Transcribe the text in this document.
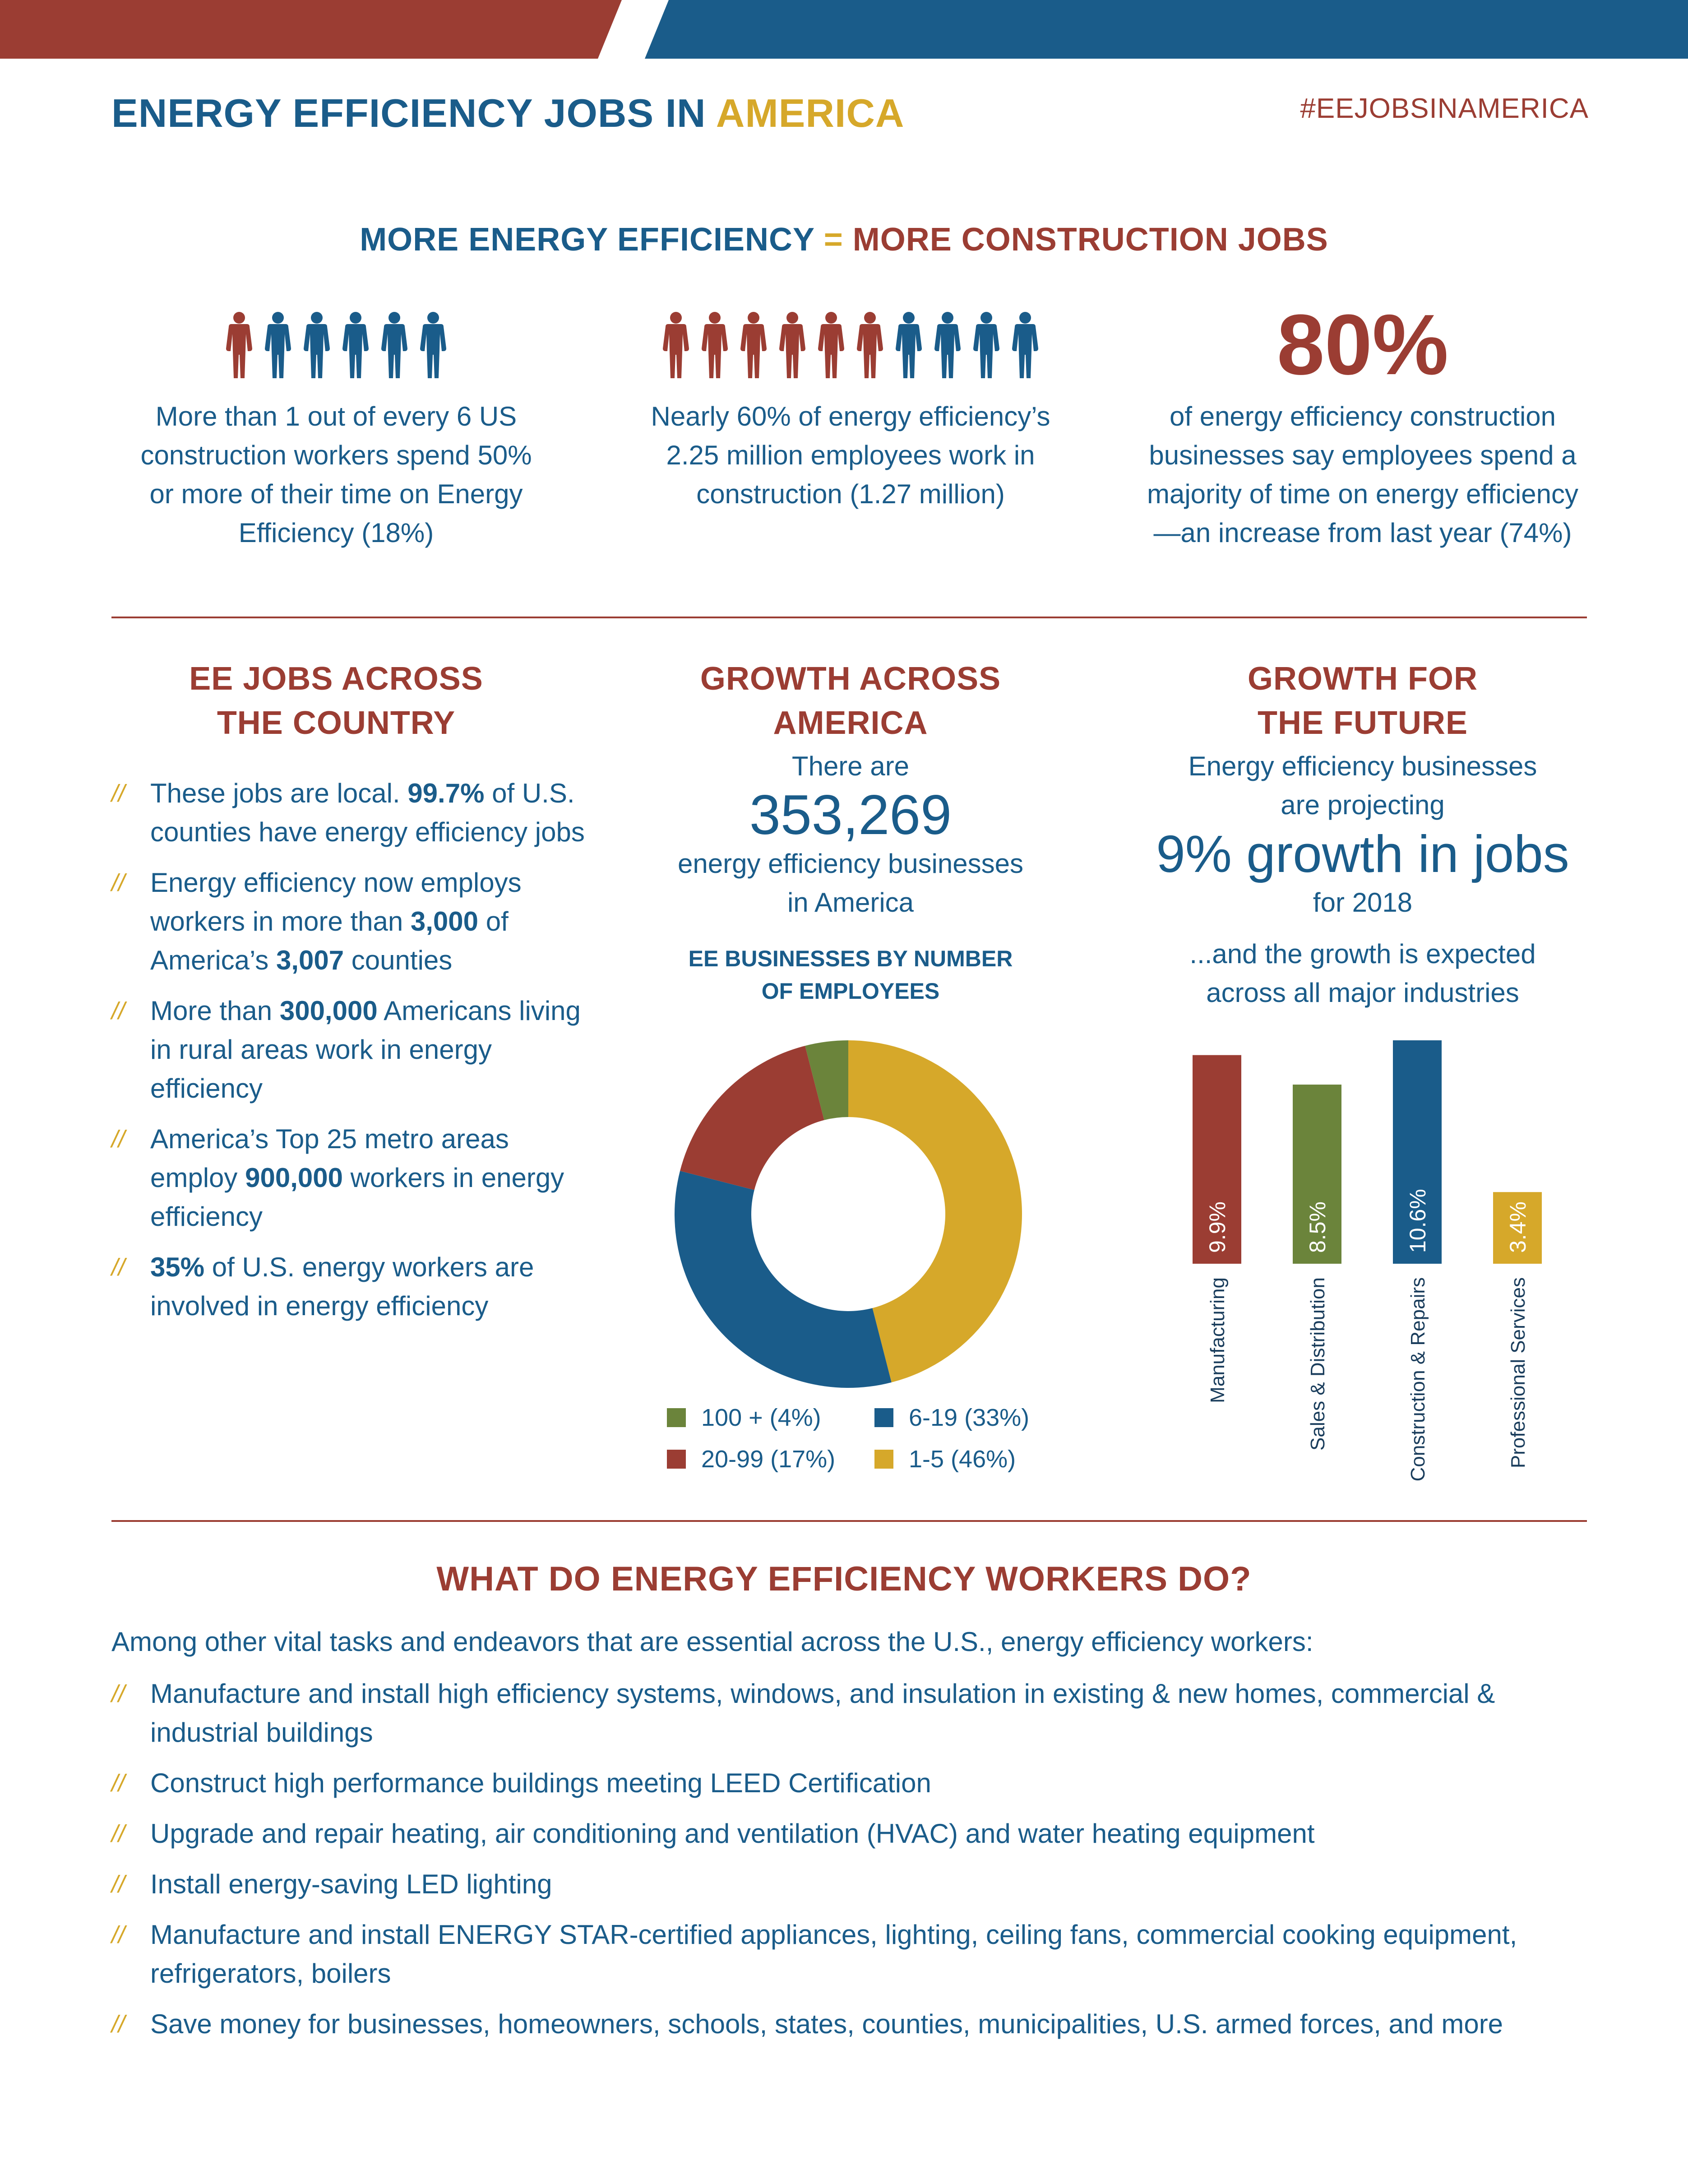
ENERGY EFFICIENCY JOBS IN AMERICA	#EEJOBSINAMERICA
MORE ENERGY EFFICIENCY = MORE CONSTRUCTION JOBS
More than 1 out of every 6 US construction workers spend 50% or more of their time on Energy Efficiency (18%)
Nearly 60% of energy efficiency’s 2.25 million employees work in construction (1.27 million)
80%
of energy efficiency construction businesses say employees spend a majority of time on energy efficiency—an increase from last year (74%)
EE JOBS ACROSS
THE COUNTRY
// These jobs are local. 99.7% of U.S. counties have energy efficiency jobs
// Energy efficiency now employs workers in more than 3,000 of America’s 3,007 counties
// More than 300,000 Americans living in rural areas work in energy efficiency
// America’s Top 25 metro areas employ 900,000 workers in energy efficiency
// 35% of U.S. energy workers are involved in energy efficiency
GROWTH ACROSS
AMERICA
There are
353,269
energy efficiency businesses
in America
EE BUSINESSES BY NUMBER
OF EMPLOYEES
100 + (4%)	6-19 (33%)
20-99 (17%)	1-5 (46%)
GROWTH FOR
THE FUTURE
Energy efficiency businesses
are projecting
9% growth in jobs
for 2018
...and the growth is expected
across all major industries
9.9%
Manufacturing
8.5%
Sales & Distribution
10.6%
Construction & Repairs
3.4%
Professional Services
WHAT DO ENERGY EFFICIENCY WORKERS DO?
Among other vital tasks and endeavors that are essential across the U.S., energy efficiency workers:
// Manufacture and install high efficiency systems, windows, and insulation in existing & new homes, commercial & industrial buildings
// Construct high performance buildings meeting LEED Certification
// Upgrade and repair heating, air conditioning and ventilation (HVAC) and water heating equipment
// Install energy-saving LED lighting
// Manufacture and install ENERGY STAR-certified appliances, lighting, ceiling fans, commercial cooking equipment, refrigerators, boilers
// Save money for businesses, homeowners, schools, states, counties, municipalities, U.S. armed forces, and more
